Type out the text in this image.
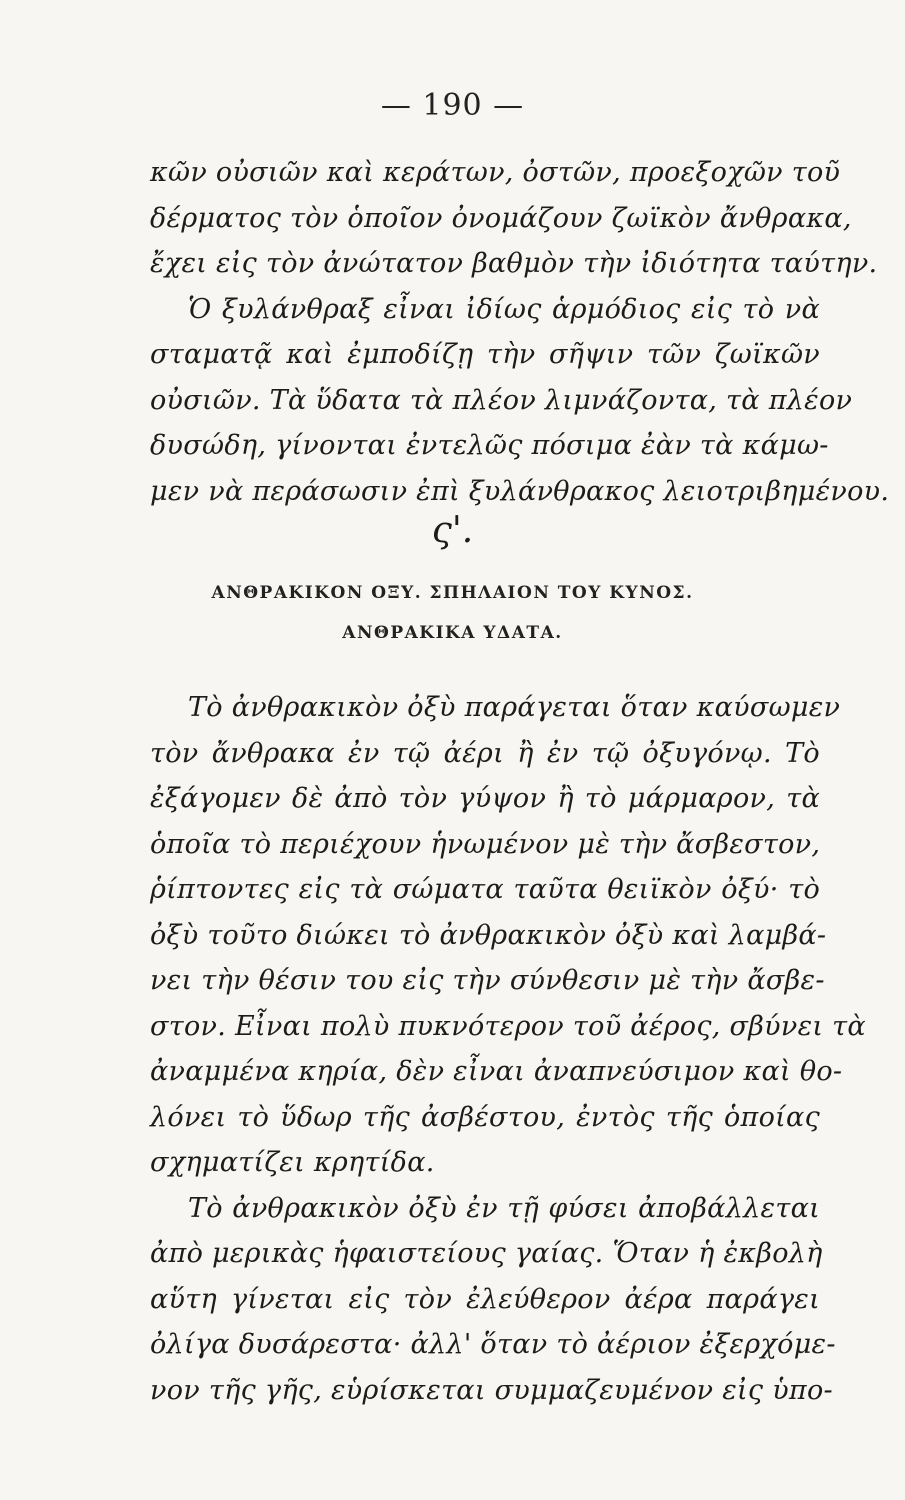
— 190 —
κῶν οὐσιῶν καὶ κεράτων, ὀστῶν, προεξοχῶν τοῦ
δέρματος τὸν ὁποῖον ὀνομάζουν ζωϊκὸν ἄνθρακα,
ἔχει εἰς τὸν ἀνώτατον βαθμὸν τὴν ἰδιότητα ταύτην.
Ὁ ξυλάνθραξ εἶναι ἰδίως ἁρμόδιος εἰς τὸ νὰ
σταματᾷ καὶ ἐμποδίζῃ τὴν σῆψιν τῶν ζωϊκῶν
οὐσιῶν. Τὰ ὕδατα τὰ πλέον λιμνάζοντα, τὰ πλέον
δυσώδη, γίνονται ἐντελῶς πόσιμα ἐὰν τὰ κάμω-
μεν νὰ περάσωσιν ἐπὶ ξυλάνθρακος λειοτριβημένου.
ς'.
ΑΝΘΡΑΚΙΚΟΝ ΟΞΥ. ΣΠΗΛΑΙΟΝ ΤΟΥ ΚΥΝΟΣ.
ΑΝΘΡΑΚΙΚΑ ΥΔΑΤΑ.
Τὸ ἀνθρακικὸν ὀξὺ παράγεται ὅταν καύσωμεν
τὸν ἄνθρακα ἐν τῷ ἀέρι ἢ ἐν τῷ ὀξυγόνῳ. Τὸ
ἐξάγομεν δὲ ἀπὸ τὸν γύψον ἢ τὸ μάρμαρον, τὰ
ὁποῖα τὸ περιέχουν ἡνωμένον μὲ τὴν ἄσβεστον,
ῥίπτοντες εἰς τὰ σώματα ταῦτα θειϊκὸν ὀξύ· τὸ
ὀξὺ τοῦτο διώκει τὸ ἀνθρακικὸν ὀξὺ καὶ λαμβά-
νει τὴν θέσιν του εἰς τὴν σύνθεσιν μὲ τὴν ἄσβε-
στον. Εἶναι πολὺ πυκνότερον τοῦ ἀέρος, σβύνει τὰ
ἀναμμένα κηρία, δὲν εἶναι ἀναπνεύσιμον καὶ θο-
λόνει τὸ ὕδωρ τῆς ἀσβέστου, ἐντὸς τῆς ὁποίας
σχηματίζει κρητίδα.
Τὸ ἀνθρακικὸν ὀξὺ ἐν τῇ φύσει ἀποβάλλεται
ἀπὸ μερικὰς ἡφαιστείους γαίας. Ὅταν ἡ ἐκβολὴ
αὕτη γίνεται εἰς τὸν ἐλεύθερον ἀέρα παράγει
ὀλίγα δυσάρεστα· ἀλλ' ὅταν τὸ ἀέριον ἐξερχόμε-
νον τῆς γῆς, εὑρίσκεται συμμαζευμένον εἰς ὑπο-
